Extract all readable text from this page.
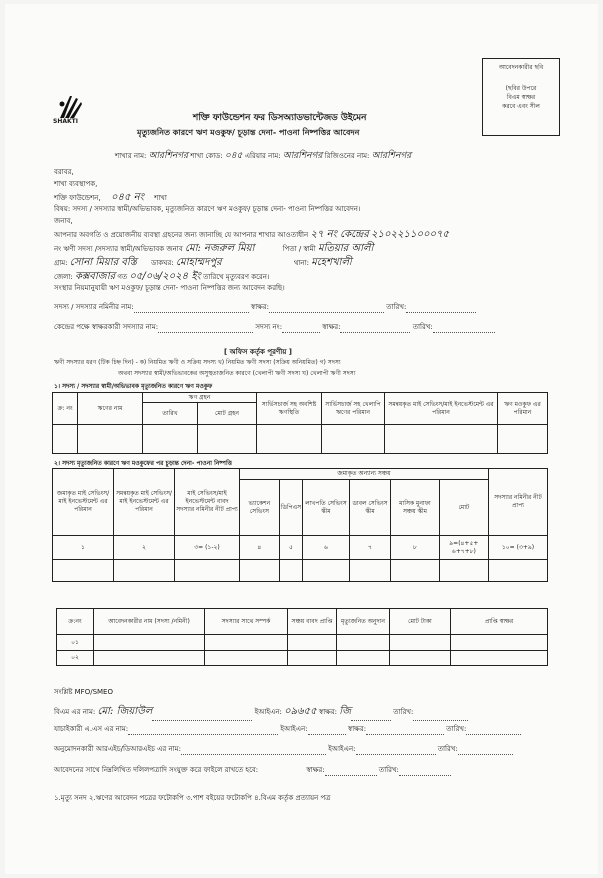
আবেদনকারীর ছবি
(ছবির উপরে
বিএম স্বাক্ষর
করবে এবং সীল
SHAKTI	শক্তি ফাউন্ডেশন ফর ডিসঅ্যাডভান্টেজড উইমেন
মৃত্যুজনিত কারণে ঋণ মওকুফ/ চূড়ান্ত দেনা- পাওনা নিষ্পত্তির আবেদন
শাখার নাম: আরশিনগর শাখা কোড: ০৪৫ এরিয়ার নাম: আরশিনগর রিজিওনের নাম: আরশিনগর
বরাবর,
শাখা ব্যবস্থাপক,
শক্তি ফাউন্ডেশন, ০৪৫ নং শাখা
বিষয়: সদস্য / সদস্যার স্বামী/অভিভাবক, মৃত্যুজনিত কারণে ঋণ মওকুফ/ চূড়ান্ত দেনা- পাওনা নিষ্পত্তির আবেদন।
জনাব,
আপনার অবগতি ও প্রয়োজনীয় ব্যবস্থা গ্রহনের জন্য জানাচ্ছি যে আপনার শাখার আওতাধীন ২৭ নং কেন্দ্রের ২১০২২১১০০০৭৫
নং ঋণী সদস্য /সদস্যার স্বামী/অভিভাবক জনাব মো: নজরুল মিয়া	পিতা / স্বামী মতিয়ার আলী
গ্রাম: সোনা মিয়ার বস্তি ডাকঘর: মোহাম্মদপুর	থানা: মহেশখালী
জেলা: কক্সবাজার গত ০৫/০৬/২০২৪ ইং তারিখে মৃত্যুবরণ করেন।
সংস্থার নিয়মানুযায়ী ঋণ মওকুফ/ চূড়ান্ত দেনা- পাওনা নিষ্পত্তির জন্য আবেদন করছি।
সদস্য / সদস্যার নমিনীর নাম:	স্বাক্ষর:	তারিখ:
কেন্দ্রের পক্ষে স্বাক্ষরকারী সদস্যার নাম:	সদস্য নং:	স্বাক্ষর:	তারিখ:
[ অফিস কর্তৃক পূরণীয় ]
ঋণী সদস্যার ধরণ (টিক চিহ্ন দিন) - ক) নিয়মিত ঋণী ও সক্রিয় সদস্য খ) নিয়মিত ঋণী সদস্য (সক্রিয় অনিয়মিত) গ) সদস্য
অথবা সদস্যার স্বামী/অভিভাবকের অসুস্থতাজনিত কারণে (খেলাপী ঋণী সদস্য ঘ) খেলাপী ঋণী সদস্য
১। সদস্য / সদস্যার স্বামী/অভিভাবক মৃত্যুজনিত কারণে ঋণ মওকুফ
ক্র: নং	ঋণের নাম	ঋণ গ্রহন		সার্ভিসচার্জ সহ অবশিষ্ট ঋণস্থিতি	সার্ভিসচার্জ সহ খেলাপি ঋণের পরিমান	সমন্বয়কৃত মাই সেভিংস/মাই ইনভেস্টমেন্ট এর পরিমান	ঋণ মওকুফ এর পরিমান
		তারিখ	মোট গ্রহন				

২। সদস্য মৃত্যুজনিত কারণে ঋণ মওকুফের পর চুড়ান্ত দেনা- পাওনা নিষ্পত্তি
জমাকৃত মাই সেভিংস/মাই ইনভেস্টমেন্ট এর পরিমান	সমন্বয়কৃত মাই সেভিংস/মাই ইনভেস্টমেন্ট এর পরিমান	মাই সেভিংস/মাই ইনভেস্টমেন্ট বাবদ সদস্যার নমিনীর নীট প্রাপ্য	জমাকৃত অন্যান্য সঞ্চয়						সদস্যার নমিনীর নীট প্রাপ্য
			ভ্যাকেশন সেভিংস	ডিপিএস	লাখপতি সেভিংস স্কীম	ডাবল সেভিংস স্কীম	মাসিক মুনাফা সঞ্চয় স্কীম	মোট	
১	২	৩= (১-২)	৪	৫	৬	৭	৮	৯=(৪+৫+ ৬+৭+৮)	১০= (৩+৯)

ক্র:নং	আবেদনকারীর নাম (সদস্য /নমিনী)	সদস্যার সাথে সম্পর্ক	সঞ্চয় বাবদ প্রাপ্তি	মৃত্যুজনিত অনুদান	মোট টাকা	প্রাপ্তি স্বাক্ষর
০১						
০২						
সংশ্লিষ্ট MFO/SMEO
বিএম এর নাম: মো: জিয়াউল	ইআইএন: ০৯৬৫৫ স্বাক্ষর: জি	তারিখ:
যাচাইকারী এ.এস এর নাম:	ইআইএন:	স্বাক্ষর:	তারিখ:
অনুমোদনকারী আরএইচ/ডিআরএইচ এর নাম:	ইআইএন:	তারিখ:
আবেদনের সাথে নিম্নলিখিত দলিলপত্রাদি সংযুক্ত করে ফাইলে রাখতে হবে:	স্বাক্ষর:	তারিখ:
১.মৃত্যু সনদ ২.ঋণের আবেদন পত্রের ফটোকপি ৩.পাশ বইয়ের ফটোকপি ৪.বিএম কর্তৃক প্রত্যায়ন পত্র
